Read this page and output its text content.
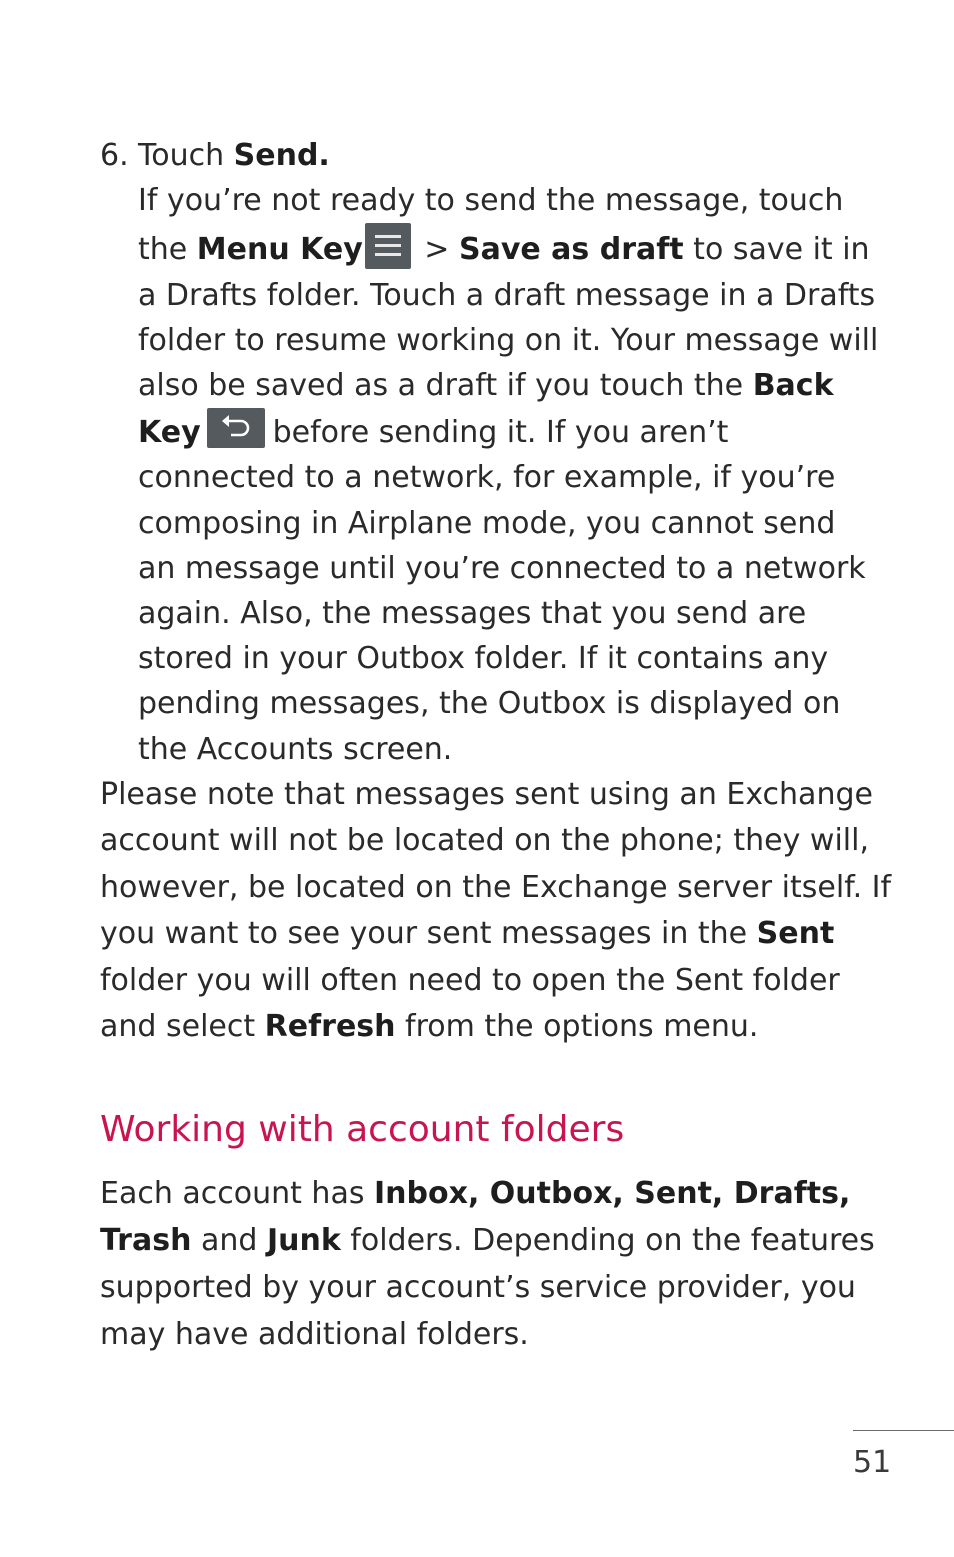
6. Touch Send.
If you’re not ready to send the message, touch the Menu Key
> Save as draft to save it in a Drafts folder. Touch a draft message in a Drafts folder to resume working on it. Your message will also be saved as a draft if you touch the Back Key before sending it. If you aren’t connected to a network, for example, if you’re composing in Airplane mode, you cannot send an message until you’re connected to a network again. Also, the messages that you send are stored in your Outbox folder. If it contains any pending messages, the Outbox is displayed on the Accounts screen.
Please note that messages sent using an Exchange account will not be located on the phone; they will, however, be located on the Exchange server itself. If you want to see your sent messages in the Sent folder you will often need to open the Sent folder and select Refresh from the options menu.
Working with account folders
Each account has Inbox, Outbox, Sent, Drafts, Trash and Junk folders. Depending on the features supported by your account’s service provider, you may have additional folders.
51
